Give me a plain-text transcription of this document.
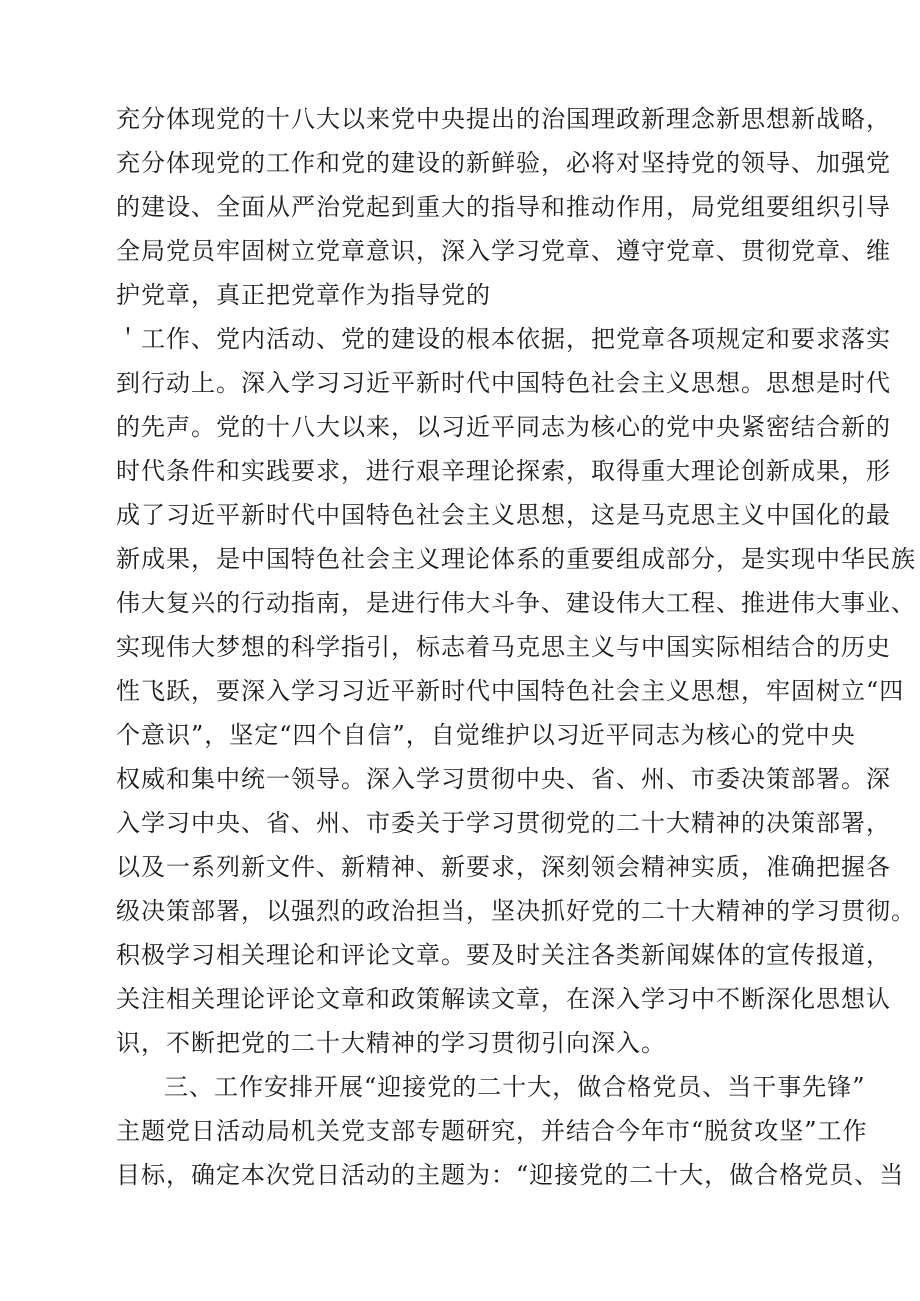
充分体现党的十八大以来党中央提出的治国理政新理念新思想新战略，
充分体现党的工作和党的建设的新鲜验，必将对坚持党的领导、加强党
的建设、全面从严治党起到重大的指导和推动作用，局党组要组织引导
全局党员牢固树立党章意识，深入学习党章、遵守党章、贯彻党章、维
护党章，真正把党章作为指导党的
＇工作、党内活动、党的建设的根本依据，把党章各项规定和要求落实
到行动上。深入学习习近平新时代中国特色社会主义思想。思想是时代
的先声。党的十八大以来，以习近平同志为核心的党中央紧密结合新的
时代条件和实践要求，进行艰辛理论探索，取得重大理论创新成果，形
成了习近平新时代中国特色社会主义思想，这是马克思主义中国化的最
新成果，是中国特色社会主义理论体系的重要组成部分，是实现中华民族
伟大复兴的行动指南，是进行伟大斗争、建设伟大工程、推进伟大事业、
实现伟大梦想的科学指引，标志着马克思主义与中国实际相结合的历史
性飞跃，要深入学习习近平新时代中国特色社会主义思想，牢固树立“四
个意识”，坚定“四个自信”，自觉维护以习近平同志为核心的党中央
权威和集中统一领导。深入学习贯彻中央、省、州、市委决策部署。深
入学习中央、省、州、市委关于学习贯彻党的二十大精神的决策部署，
以及一系列新文件、新精神、新要求，深刻领会精神实质，准确把握各
级决策部署，以强烈的政治担当，坚决抓好党的二十大精神的学习贯彻。
积极学习相关理论和评论文章。要及时关注各类新闻媒体的宣传报道，
关注相关理论评论文章和政策解读文章，在深入学习中不断深化思想认
识，不断把党的二十大精神的学习贯彻引向深入。
三、工作安排开展“迎接党的二十大，做合格党员、当干事先锋”
主题党日活动局机关党支部专题研究，并结合今年市“脱贫攻坚”工作
目标，确定本次党日活动的主题为：“迎接党的二十大，做合格党员、当
